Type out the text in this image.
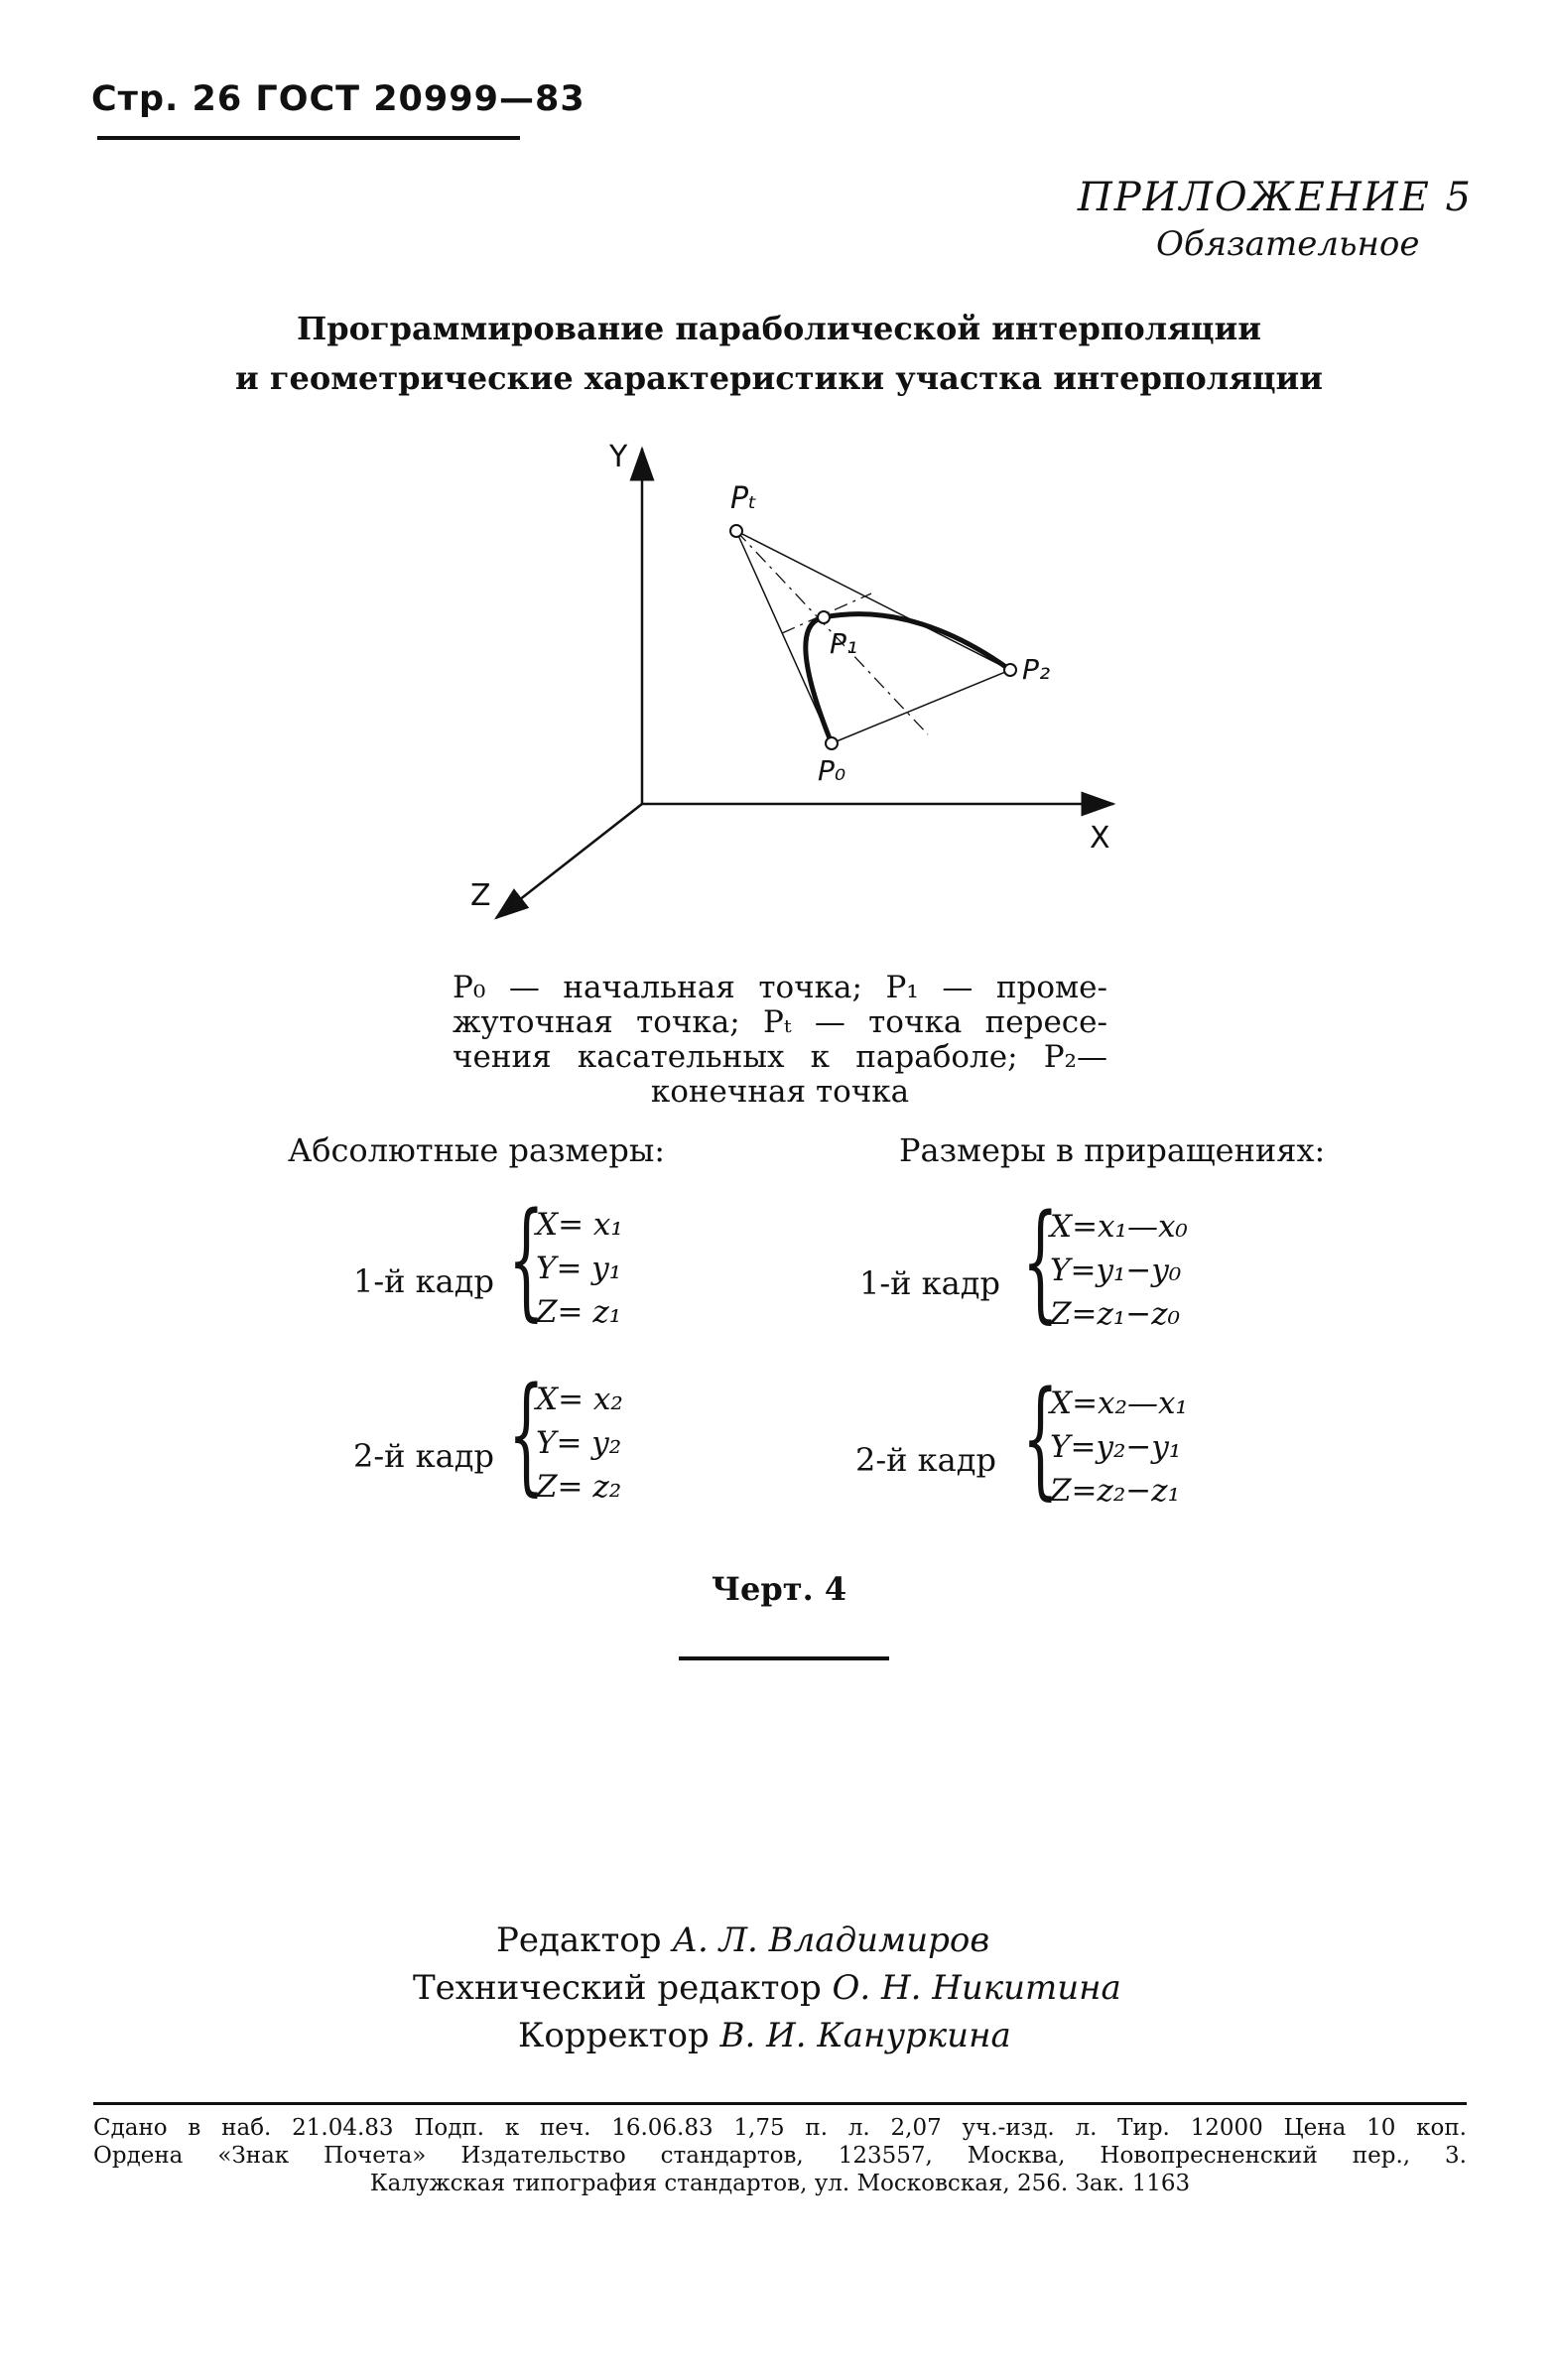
Стр. 26 ГОСТ 20999—83
ПРИЛОЖЕНИЕ 5
Обязательное
Программирование параболической интерполяции
и геометрические характеристики участка интерполяции
Y
X
Z
Pₜ
P₁
P₂
P₀
P₀ — начальная точка; P₁ — проме-
жуточная точка; Pₜ — точка пересе-
чения касательных к параболе; P₂—
конечная точка
Абсолютные размеры:	Размеры в приращениях:
1-й кадр {
X= x₁
Y= y₁
Z= z₁
2-й кадр {
X= x₂
Y= y₂
Z= z₂
1-й кадр {
X=x₁—x₀
Y=y₁−y₀
Z=z₁−z₀
2-й кадр {
X=x₂—x₁
Y=y₂−y₁
Z=z₂−z₁
Черт. 4
Редактор А. Л. Владимиров
Технический редактор О. Н. Никитина
Корректор В. И. Кануркина
Сдано в наб. 21.04.83 Подп. к печ. 16.06.83 1,75 п. л. 2,07 уч.-изд. л. Тир. 12000 Цена 10 коп.
Ордена «Знак Почета» Издательство стандартов, 123557, Москва, Новопресненский пер., 3.
Калужская типография стандартов, ул. Московская, 256. Зак. 1163
